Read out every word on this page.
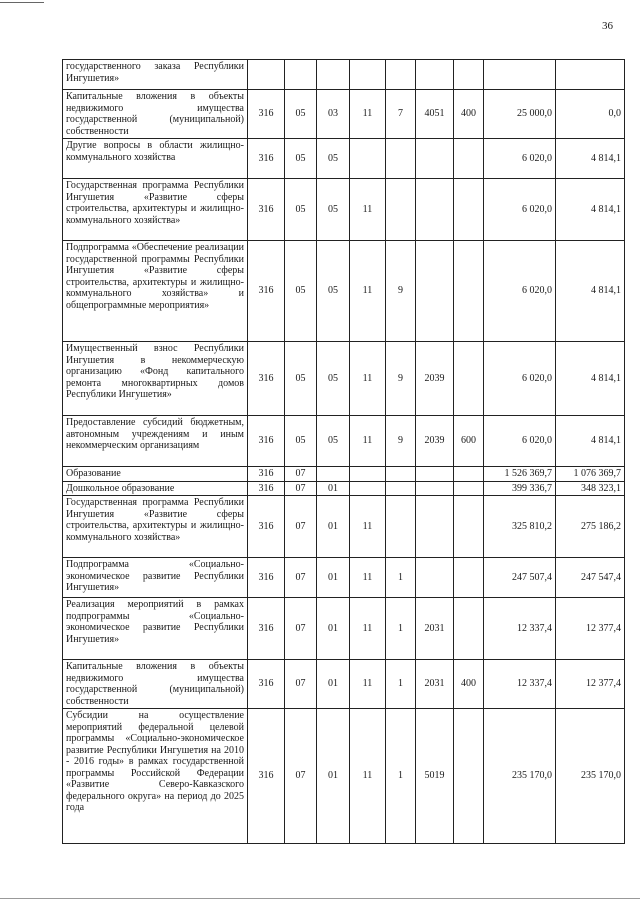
36
государственного заказа Республики Ингушетия»									
Капитальные вложения в объекты недвижимого имущества государственной (муниципальной) собственности	316	05	03	11	7	4051	400	25 000,0	0,0
Другие вопросы в области жилищно-коммунального хозяйства	316	05	05					6 020,0	4 814,1
Государственная программа Республики Ингушетия «Развитие сферы строительства, архитектуры и жилищно-коммунального хозяйства»	316	05	05	11				6 020,0	4 814,1
Подпрограмма «Обеспечение реализации государственной программы Республики Ингушетия «Развитие сферы строительства, архитектуры и жилищно-коммунального хозяйства» и общепрограммные мероприятия»	316	05	05	11	9			6 020,0	4 814,1
Имущественный взнос Республики Ингушетия в некоммерческую организацию «Фонд капитального ремонта многоквартирных домов Республики Ингушетия»	316	05	05	11	9	2039		6 020,0	4 814,1
Предоставление субсидий бюджетным, автономным учреждениям и иным некоммерческим организациям	316	05	05	11	9	2039	600	6 020,0	4 814,1
Образование	316	07						1 526 369,7	1 076 369,7
Дошкольное образование	316	07	01					399 336,7	348 323,1
Государственная программа Республики Ингушетия «Развитие сферы строительства, архитектуры и жилищно-коммунального хозяйства»	316	07	01	11				325 810,2	275 186,2
Подпрограмма «Социально-экономическое развитие Республики Ингушетия»	316	07	01	11	1			247 507,4	247 547,4
Реализация мероприятий в рамках подпрограммы «Социально-экономическое развитие Республики Ингушетия»	316	07	01	11	1	2031		12 337,4	12 377,4
Капитальные вложения в объекты недвижимого имущества государственной (муниципальной) собственности	316	07	01	11	1	2031	400	12 337,4	12 377,4
Субсидии на осуществление мероприятий федеральной целевой программы «Социально-экономическое развитие Республики Ингушетия на 2010 - 2016 годы» в рамках государственной программы Российской Федерации «Развитие Северо-Кавказского федерального округа» на период до 2025 года	316	07	01	11	1	5019		235 170,0	235 170,0
